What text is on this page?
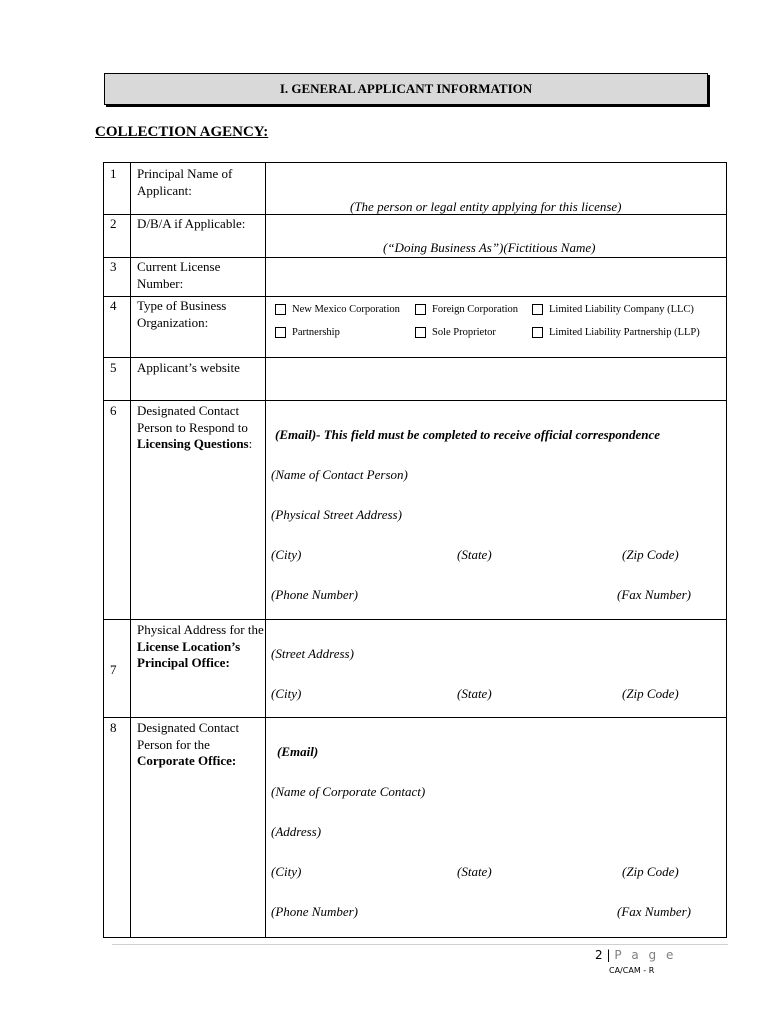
I. GENERAL APPLICANT INFORMATION
COLLECTION AGENCY:
1 Principal Name of Applicant:
(The person or legal entity applying for this license)
2 D/B/A if Applicable:
(“Doing Business As”)(Fictitious Name)
3 Current License Number:
4 Type of Business Organization:
New Mexico Corporation	Foreign Corporation	Limited Liability Company (LLC)
Partnership	Sole Proprietor	Limited Liability Partnership (LLP)
5 Applicant’s website
6 Designated Contact Person to Respond to Licensing Questions:
(Email)- This field must be completed to receive official correspondence
(Name of Contact Person)
(Physical Street Address)
(City)	(State)	(Zip Code)
(Phone Number)	(Fax Number)
7
Physical Address for the License Location’s Principal Office:
(Street Address)
(City)	(State)	(Zip Code)
8 Designated Contact Person for the Corporate Office:
(Email)
(Name of Corporate Contact)
(Address)
(City)	(State)	(Zip Code)
(Phone Number)	(Fax Number)
2 | P a g e
CA/CAM - R
